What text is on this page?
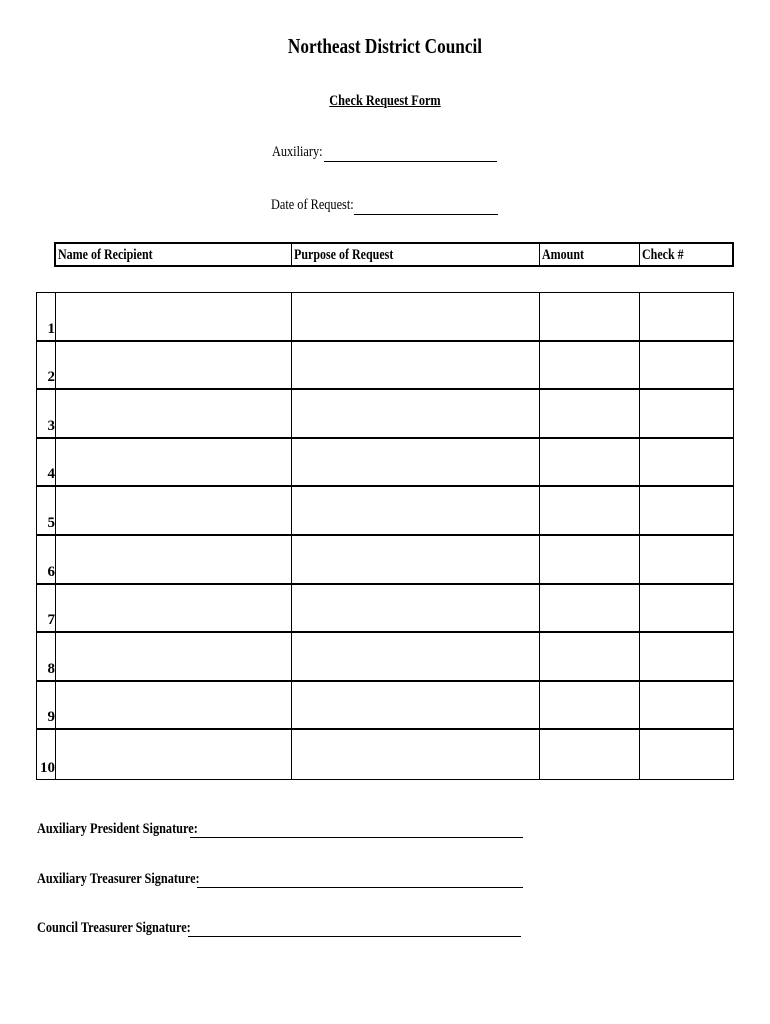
Northeast District Council
Check Request Form
Auxiliary:
Date of Request:
Name of Recipient	Purpose of Request	Amount	Check #
1
2
3
4
5
6
7
8
9
10
Auxiliary President Signature:
Auxiliary Treasurer Signature:
Council Treasurer Signature:
